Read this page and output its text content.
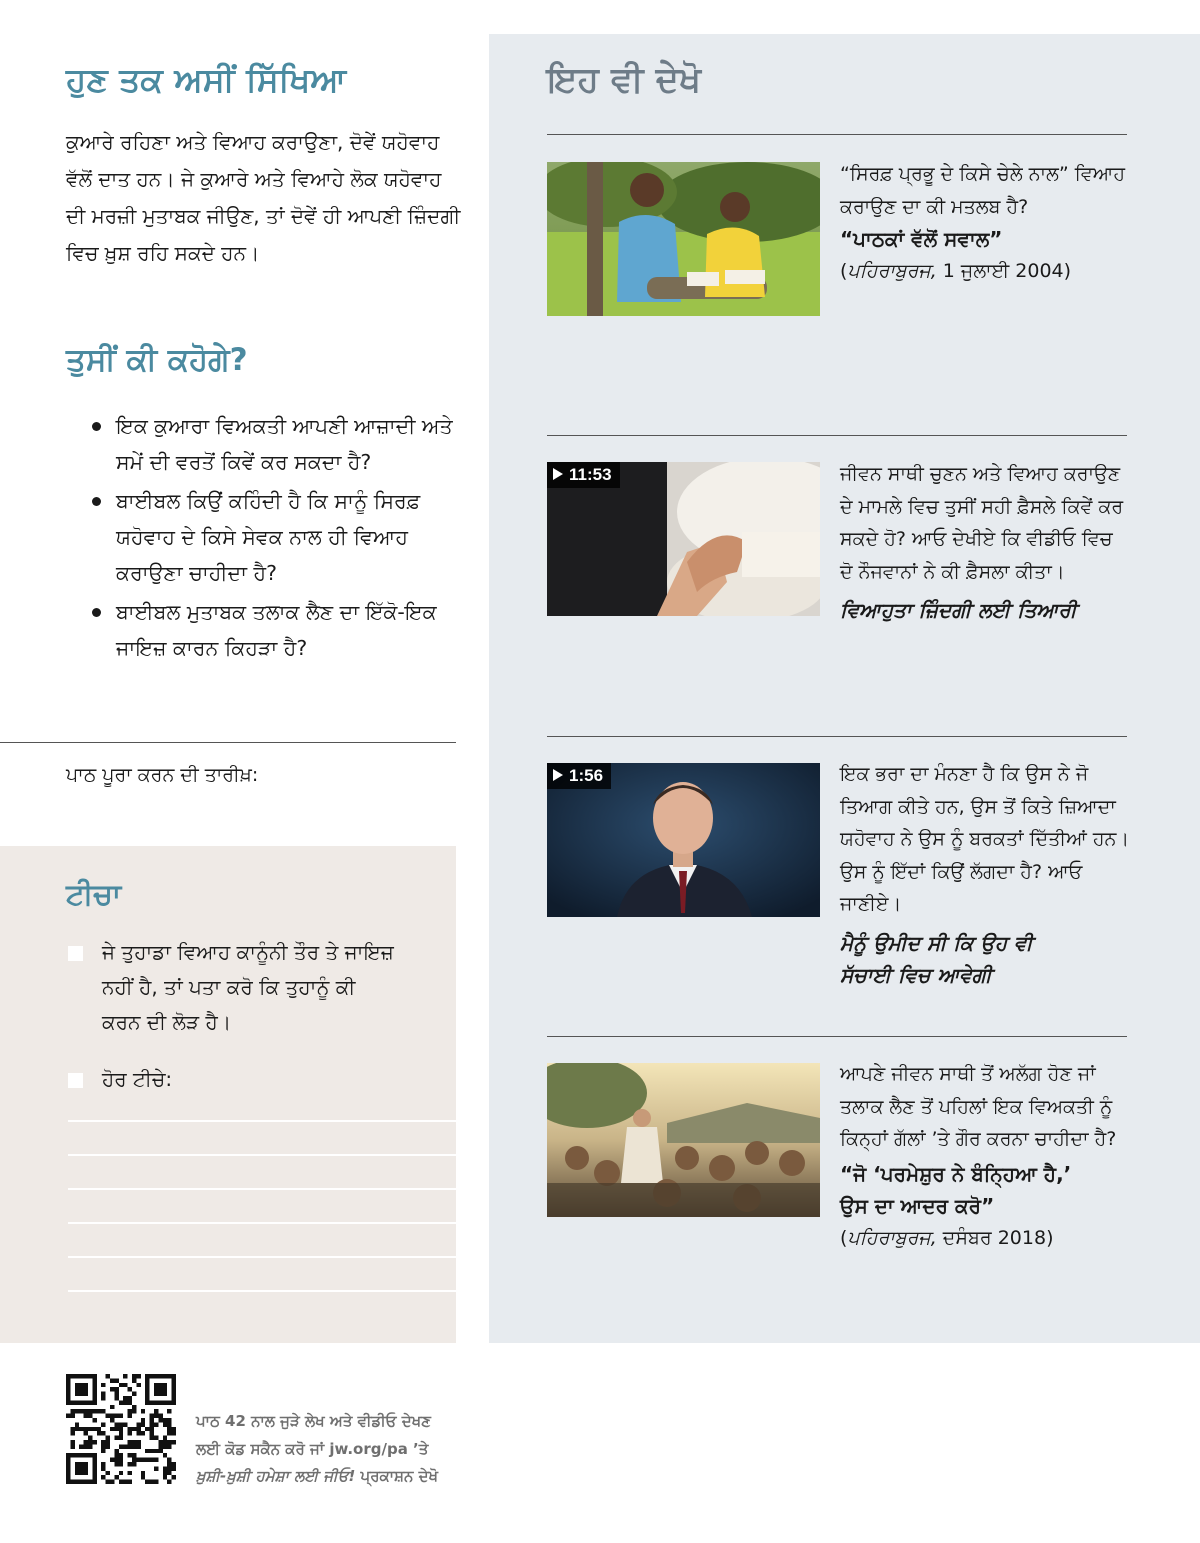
ਹੁਣ ਤਕ ਅਸੀਂ ਸਿੱਖਿਆ
ਕੁਆਰੇ ਰਹਿਣਾ ਅਤੇ ਵਿਆਹ ਕਰਾਉਣਾ, ਦੋਵੇਂ ਯਹੋਵਾਹ ਵੱਲੋਂ ਦਾਤ ਹਨ। ਜੇ ਕੁਆਰੇ ਅਤੇ ਵਿਆਹੇ ਲੋਕ ਯਹੋਵਾਹ ਦੀ ਮਰਜ਼ੀ ਮੁਤਾਬਕ ਜੀਉਣ, ਤਾਂ ਦੋਵੇਂ ਹੀ ਆਪਣੀ ਜ਼ਿੰਦਗੀ ਵਿਚ ਖ਼ੁਸ਼ ਰਹਿ ਸਕਦੇ ਹਨ।
ਤੁਸੀਂ ਕੀ ਕਹੋਗੇ?
ਇਕ ਕੁਆਰਾ ਵਿਅਕਤੀ ਆਪਣੀ ਆਜ਼ਾਦੀ ਅਤੇ ਸਮੇਂ ਦੀ ਵਰਤੋਂ ਕਿਵੇਂ ਕਰ ਸਕਦਾ ਹੈ?
ਬਾਈਬਲ ਕਿਉਂ ਕਹਿੰਦੀ ਹੈ ਕਿ ਸਾਨੂੰ ਸਿਰਫ਼ ਯਹੋਵਾਹ ਦੇ ਕਿਸੇ ਸੇਵਕ ਨਾਲ ਹੀ ਵਿਆਹ ਕਰਾਉਣਾ ਚਾਹੀਦਾ ਹੈ?
ਬਾਈਬਲ ਮੁਤਾਬਕ ਤਲਾਕ ਲੈਣ ਦਾ ਇੱਕੋ-ਇਕ ਜਾਇਜ਼ ਕਾਰਨ ਕਿਹੜਾ ਹੈ?
ਪਾਠ ਪੂਰਾ ਕਰਨ ਦੀ ਤਾਰੀਖ਼:
ਟੀਚਾ
ਜੇ ਤੁਹਾਡਾ ਵਿਆਹ ਕਾਨੂੰਨੀ ਤੌਰ ਤੇ ਜਾਇਜ਼ ਨਹੀਂ ਹੈ, ਤਾਂ ਪਤਾ ਕਰੋ ਕਿ ਤੁਹਾਨੂੰ ਕੀ ਕਰਨ ਦੀ ਲੋੜ ਹੈ।
ਹੋਰ ਟੀਚੇ:
ਇਹ ਵੀ ਦੇਖੋ
“ਸਿਰਫ਼ ਪ੍ਰਭੂ ਦੇ ਕਿਸੇ ਚੇਲੇ ਨਾਲ” ਵਿਆਹ ਕਰਾਉਣ ਦਾ ਕੀ ਮਤਲਬ ਹੈ?
“ਪਾਠਕਾਂ ਵੱਲੋਂ ਸਵਾਲ”
(ਪਹਿਰਾਬੁਰਜ, 1 ਜੁਲਾਈ 2004)
11:53	ਜੀਵਨ ਸਾਥੀ ਚੁਣਨ ਅਤੇ ਵਿਆਹ ਕਰਾਉਣ ਦੇ ਮਾਮਲੇ ਵਿਚ ਤੁਸੀਂ ਸਹੀ ਫ਼ੈਸਲੇ ਕਿਵੇਂ ਕਰ ਸਕਦੇ ਹੋ? ਆਓ ਦੇਖੀਏ ਕਿ ਵੀਡੀਓ ਵਿਚ ਦੋ ਨੌਜਵਾਨਾਂ ਨੇ ਕੀ ਫ਼ੈਸਲਾ ਕੀਤਾ।
ਵਿਆਹੁਤਾ ਜ਼ਿੰਦਗੀ ਲਈ ਤਿਆਰੀ
1:56	ਇਕ ਭਰਾ ਦਾ ਮੰਨਣਾ ਹੈ ਕਿ ਉਸ ਨੇ ਜੋ ਤਿਆਗ ਕੀਤੇ ਹਨ, ਉਸ ਤੋਂ ਕਿਤੇ ਜ਼ਿਆਦਾ ਯਹੋਵਾਹ ਨੇ ਉਸ ਨੂੰ ਬਰਕਤਾਂ ਦਿੱਤੀਆਂ ਹਨ। ਉਸ ਨੂੰ ਇੱਦਾਂ ਕਿਉਂ ਲੱਗਦਾ ਹੈ? ਆਓ ਜਾਣੀਏ।
ਮੈਨੂੰ ਉਮੀਦ ਸੀ ਕਿ ਉਹ ਵੀ ਸੱਚਾਈ ਵਿਚ ਆਵੇਗੀ
ਆਪਣੇ ਜੀਵਨ ਸਾਥੀ ਤੋਂ ਅਲੱਗ ਹੋਣ ਜਾਂ ਤਲਾਕ ਲੈਣ ਤੋਂ ਪਹਿਲਾਂ ਇਕ ਵਿਅਕਤੀ ਨੂੰ ਕਿਨ੍ਹਾਂ ਗੱਲਾਂ ’ਤੇ ਗੌਰ ਕਰਨਾ ਚਾਹੀਦਾ ਹੈ?
“ਜੋ ‘ਪਰਮੇਸ਼ੁਰ ਨੇ ਬੰਨ੍ਹਿਆ ਹੈ,’ ਉਸ ਦਾ ਆਦਰ ਕਰੋ”
(ਪਹਿਰਾਬੁਰਜ, ਦਸੰਬਰ 2018)
ਪਾਠ 42 ਨਾਲ ਜੁੜੇ ਲੇਖ ਅਤੇ ਵੀਡੀਓ ਦੇਖਣ
ਲਈ ਕੋਡ ਸਕੈਨ ਕਰੋ ਜਾਂ jw.org/pa ’ਤੇ
ਖ਼ੁਸ਼ੀ-ਖ਼ੁਸ਼ੀ ਹਮੇਸ਼ਾ ਲਈ ਜੀਓ! ਪ੍ਰਕਾਸ਼ਨ ਦੇਖੋ
